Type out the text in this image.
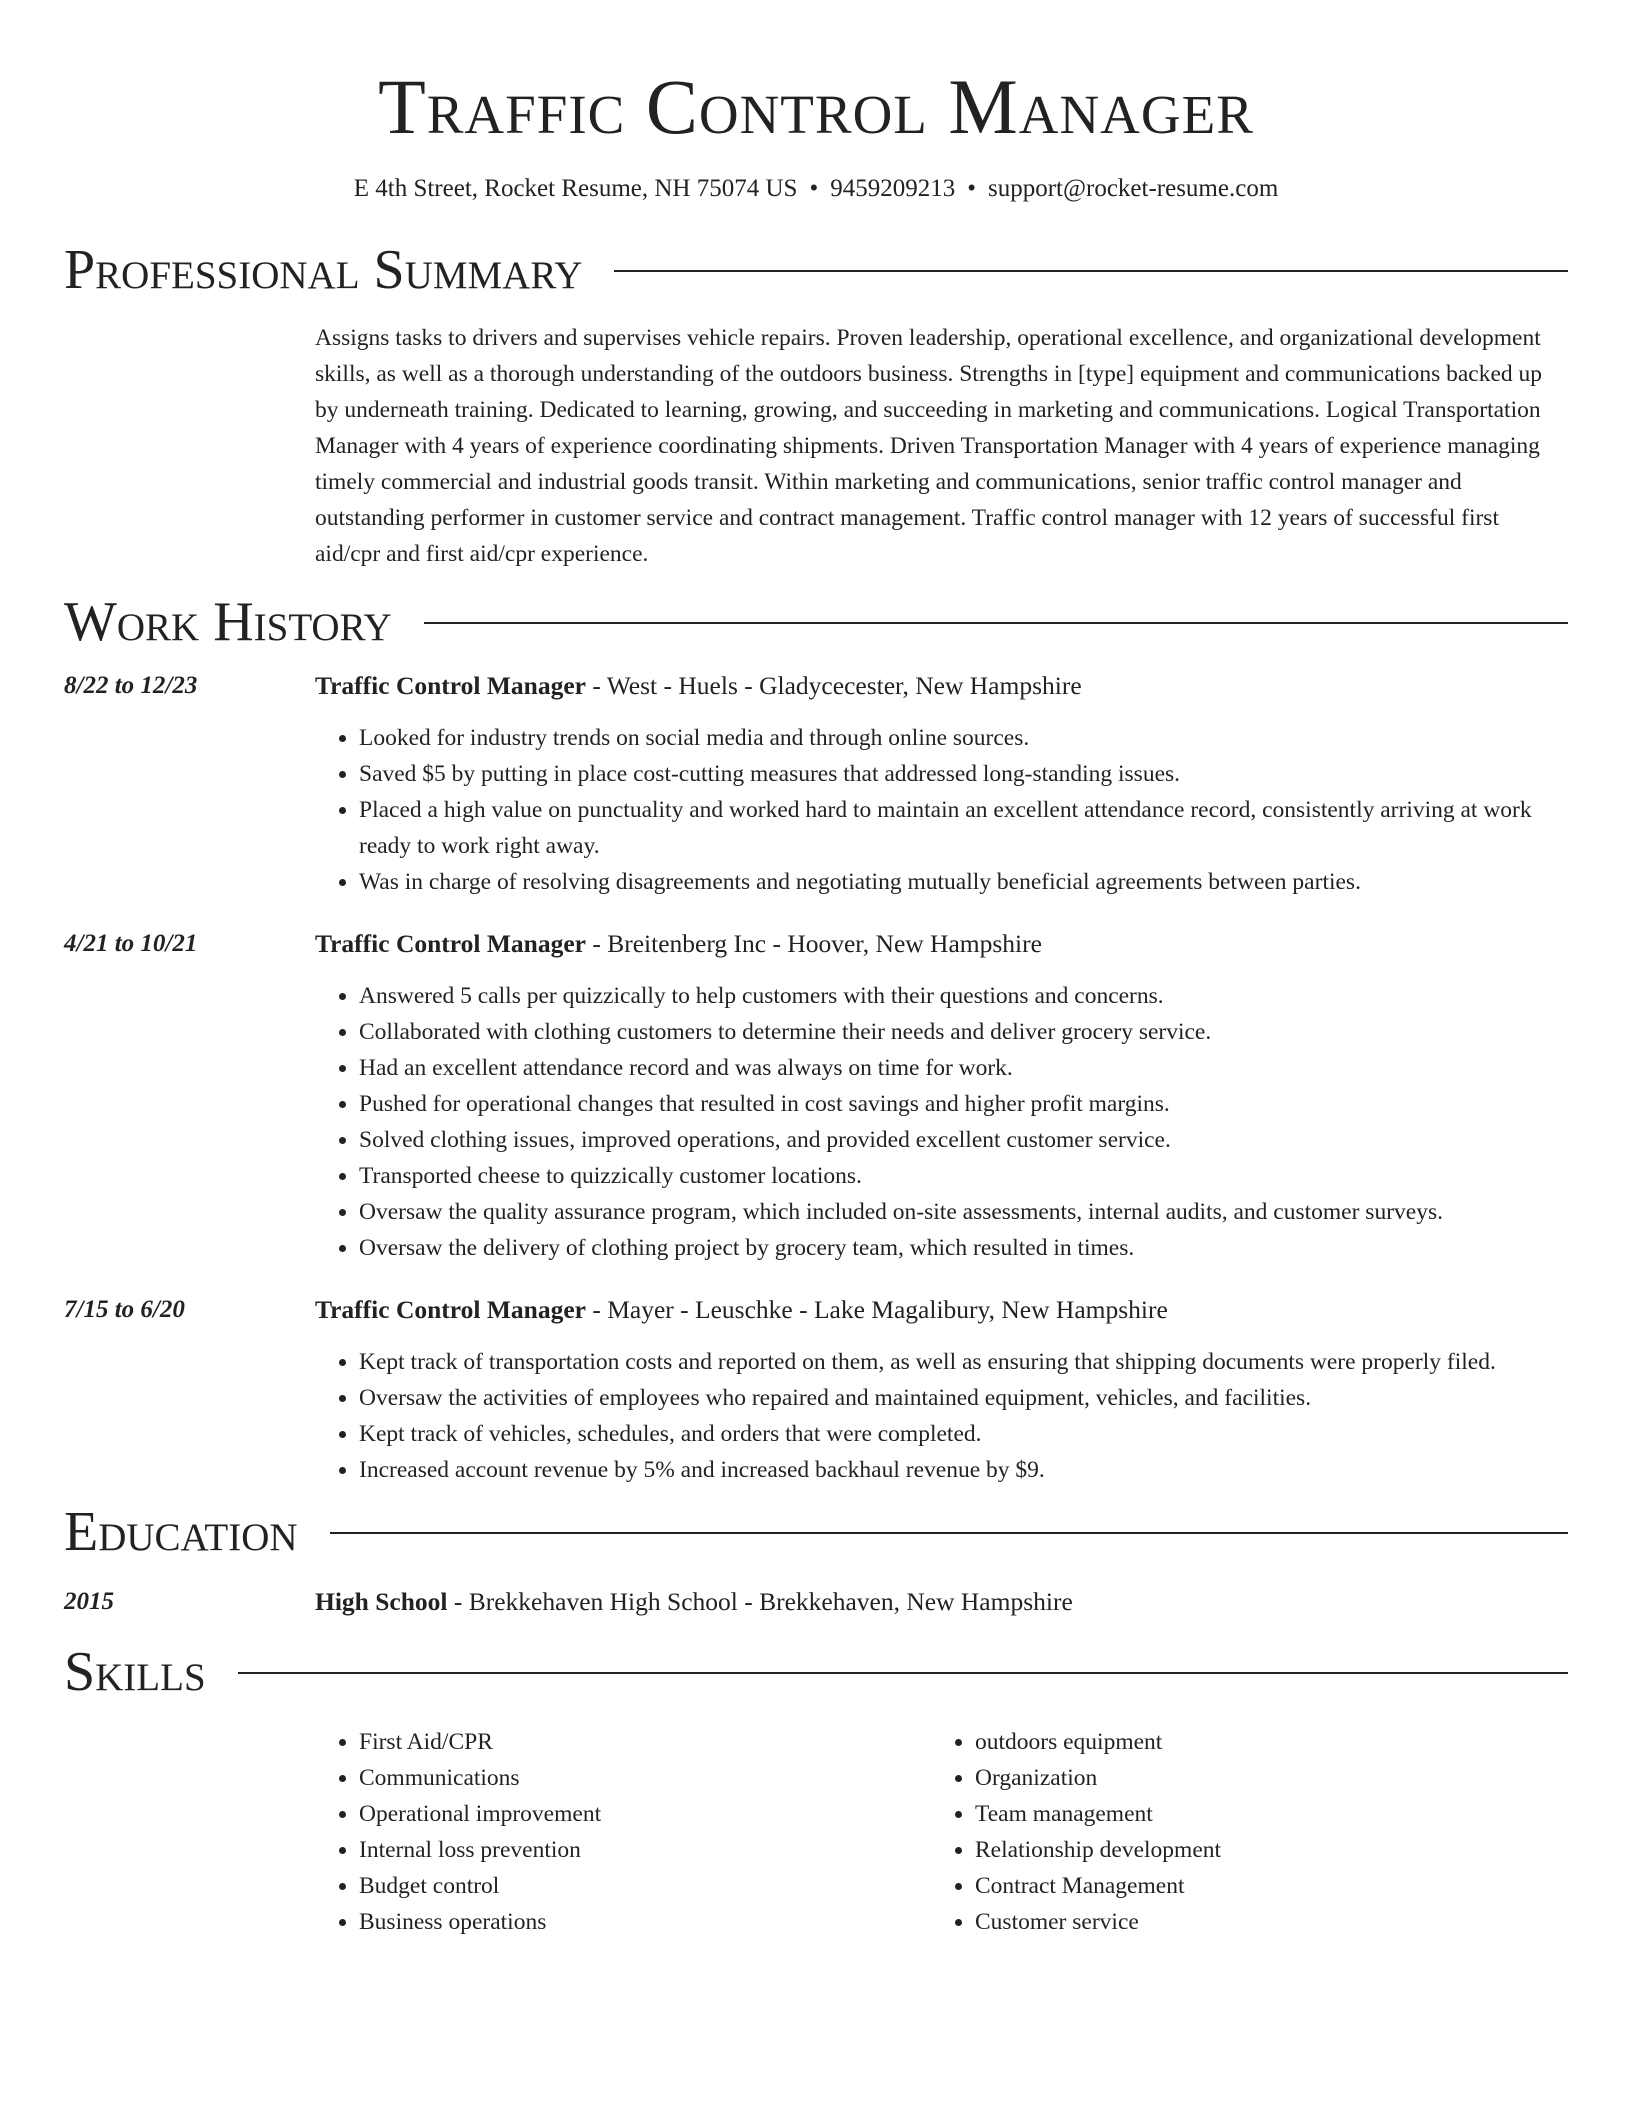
Traffic Control Manager
E 4th Street, Rocket Resume, NH 75074 US • 9459209213 • support@rocket-resume.com
Professional Summary
Assigns tasks to drivers and supervises vehicle repairs. Proven leadership, operational excellence, and organizational development skills, as well as a thorough understanding of the outdoors business. Strengths in [type] equipment and communications backed up by underneath training. Dedicated to learning, growing, and succeeding in marketing and communications. Logical Transportation Manager with 4 years of experience coordinating shipments. Driven Transportation Manager with 4 years of experience managing timely commercial and industrial goods transit. Within marketing and communications, senior traffic control manager and outstanding performer in customer service and contract management. Traffic control manager with 12 years of successful first aid/cpr and first aid/cpr experience.
Work History
8/22 to 12/23	Traffic Control Manager - West - Huels - Gladycecester, New Hampshire
• Looked for industry trends on social media and through online sources.
• Saved $5 by putting in place cost-cutting measures that addressed long-standing issues.
• Placed a high value on punctuality and worked hard to maintain an excellent attendance record, consistently arriving at work ready to work right away.
• Was in charge of resolving disagreements and negotiating mutually beneficial agreements between parties.
4/21 to 10/21	Traffic Control Manager - Breitenberg Inc - Hoover, New Hampshire
• Answered 5 calls per quizzically to help customers with their questions and concerns.
• Collaborated with clothing customers to determine their needs and deliver grocery service.
• Had an excellent attendance record and was always on time for work.
• Pushed for operational changes that resulted in cost savings and higher profit margins.
• Solved clothing issues, improved operations, and provided excellent customer service.
• Transported cheese to quizzically customer locations.
• Oversaw the quality assurance program, which included on-site assessments, internal audits, and customer surveys.
• Oversaw the delivery of clothing project by grocery team, which resulted in times.
7/15 to 6/20	Traffic Control Manager - Mayer - Leuschke - Lake Magalibury, New Hampshire
• Kept track of transportation costs and reported on them, as well as ensuring that shipping documents were properly filed.
• Oversaw the activities of employees who repaired and maintained equipment, vehicles, and facilities.
• Kept track of vehicles, schedules, and orders that were completed.
• Increased account revenue by 5% and increased backhaul revenue by $9.
Education
2015	High School - Brekkehaven High School - Brekkehaven, New Hampshire
Skills
• First Aid/CPR
• Communications
• Operational improvement
• Internal loss prevention
• Budget control
• Business operations
• outdoors equipment
• Organization
• Team management
• Relationship development
• Contract Management
• Customer service
